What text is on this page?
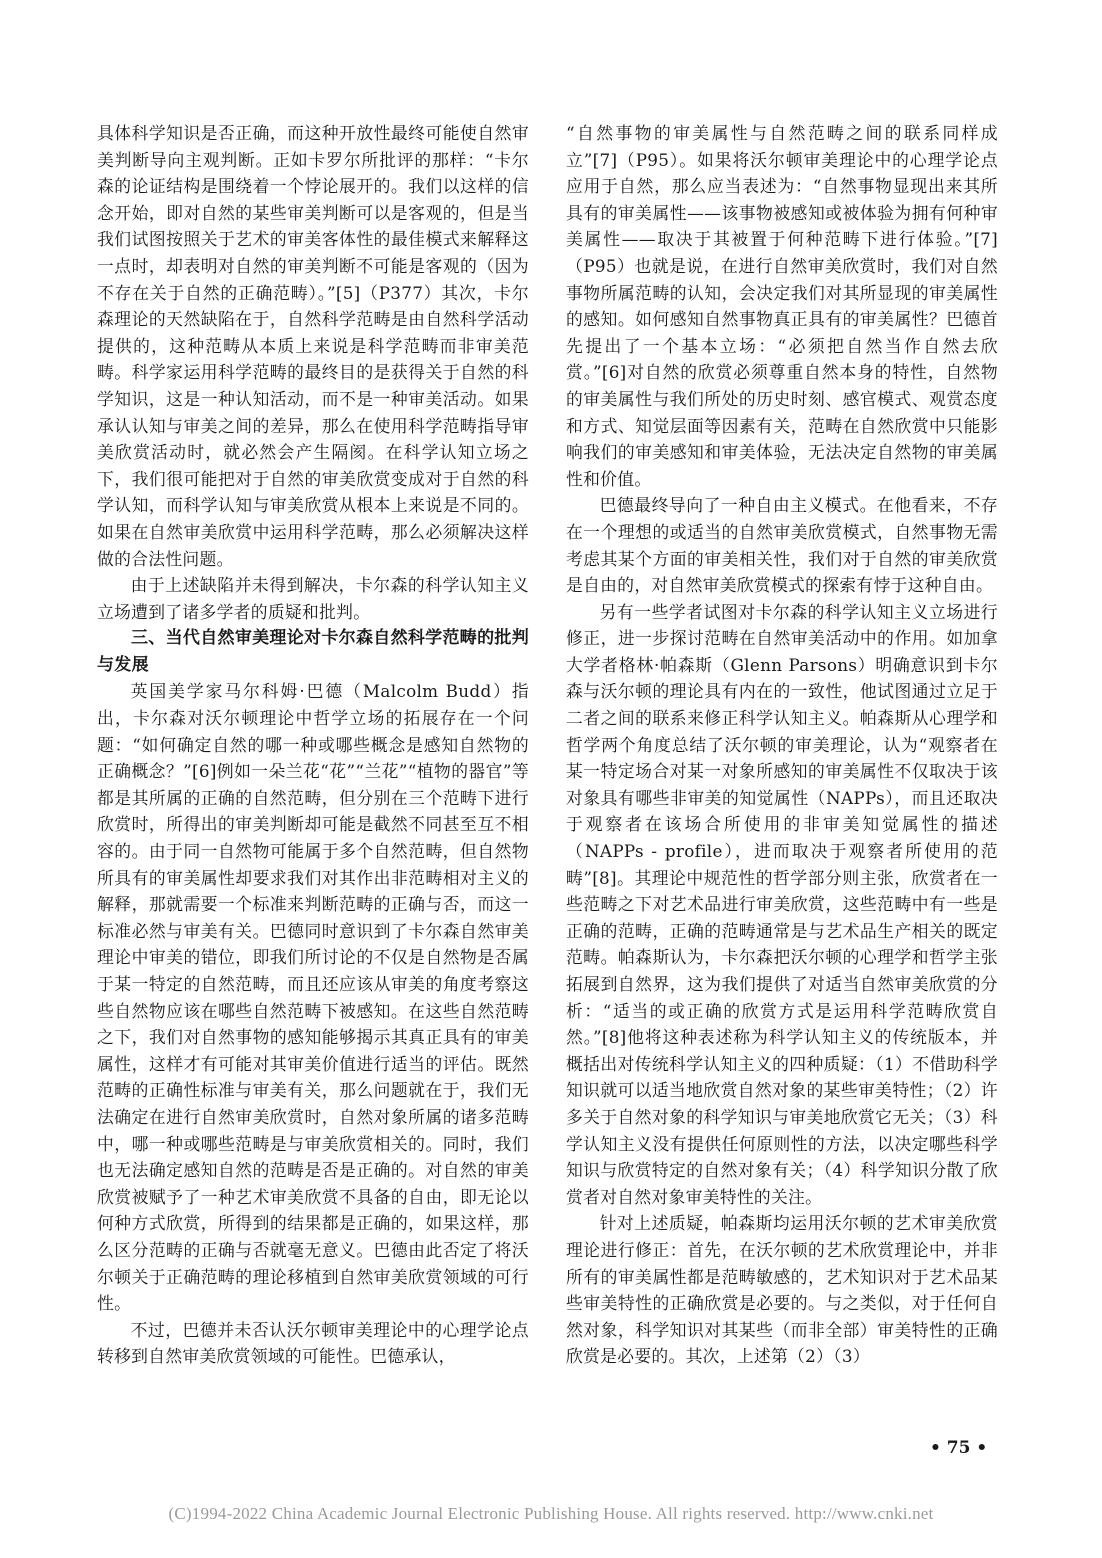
具体科学知识是否正确，而这种开放性最终可能使自然审美判断导向主观判断。正如卡罗尔所批评的那样：“卡尔森的论证结构是围绕着一个悖论展开的。我们以这样的信念开始，即对自然的某些审美判断可以是客观的，但是当我们试图按照关于艺术的审美客体性的最佳模式来解释这一点时，却表明对自然的审美判断不可能是客观的（因为不存在关于自然的正确范畴）。”[5]（P377）其次，卡尔森理论的天然缺陷在于，自然科学范畴是由自然科学活动提供的，这种范畴从本质上来说是科学范畴而非审美范畴。科学家运用科学范畴的最终目的是获得关于自然的科学知识，这是一种认知活动，而不是一种审美活动。如果承认认知与审美之间的差异，那么在使用科学范畴指导审美欣赏活动时，就必然会产生隔阂。在科学认知立场之下，我们很可能把对于自然的审美欣赏变成对于自然的科学认知，而科学认知与审美欣赏从根本上来说是不同的。如果在自然审美欣赏中运用科学范畴，那么必须解决这样做的合法性问题。

由于上述缺陷并未得到解决，卡尔森的科学认知主义立场遭到了诸多学者的质疑和批判。

三、当代自然审美理论对卡尔森自然科学范畴的批判与发展

英国美学家马尔科姆·巴德（Malcolm Budd）指出，卡尔森对沃尔顿理论中哲学立场的拓展存在一个问题：“如何确定自然的哪一种或哪些概念是感知自然物的正确概念？”[6]例如一朵兰花“花”“兰花”“植物的器官”等都是其所属的正确的自然范畴，但分别在三个范畴下进行欣赏时，所得出的审美判断却可能是截然不同甚至互不相容的。由于同一自然物可能属于多个自然范畴，但自然物所具有的审美属性却要求我们对其作出非范畴相对主义的解释，那就需要一个标准来判断范畴的正确与否，而这一标准必然与审美有关。巴德同时意识到了卡尔森自然审美理论中审美的错位，即我们所讨论的不仅是自然物是否属于某一特定的自然范畴，而且还应该从审美的角度考察这些自然物应该在哪些自然范畴下被感知。在这些自然范畴之下，我们对自然事物的感知能够揭示其真正具有的审美属性，这样才有可能对其审美价值进行适当的评估。既然范畴的正确性标准与审美有关，那么问题就在于，我们无法确定在进行自然审美欣赏时，自然对象所属的诸多范畴中，哪一种或哪些范畴是与审美欣赏相关的。同时，我们也无法确定感知自然的范畴是否是正确的。对自然的审美欣赏被赋予了一种艺术审美欣赏不具备的自由，即无论以何种方式欣赏，所得到的结果都是正确的，如果这样，那么区分范畴的正确与否就毫无意义。巴德由此否定了将沃尔顿关于正确范畴的理论移植到自然审美欣赏领域的可行性。

不过，巴德并未否认沃尔顿审美理论中的心理学论点转移到自然审美欣赏领域的可能性。巴德承认，

“自然事物的审美属性与自然范畴之间的联系同样成立”[7]（P95）。如果将沃尔顿审美理论中的心理学论点应用于自然，那么应当表述为：“自然事物显现出来其所具有的审美属性——该事物被感知或被体验为拥有何种审美属性——取决于其被置于何种范畴下进行体验。”[7]（P95）也就是说，在进行自然审美欣赏时，我们对自然事物所属范畴的认知，会决定我们对其所显现的审美属性的感知。如何感知自然事物真正具有的审美属性？巴德首先提出了一个基本立场：“必须把自然当作自然去欣赏。”[6]对自然的欣赏必须尊重自然本身的特性，自然物的审美属性与我们所处的历史时刻、感官模式、观赏态度和方式、知觉层面等因素有关，范畴在自然欣赏中只能影响我们的审美感知和审美体验，无法决定自然物的审美属性和价值。

巴德最终导向了一种自由主义模式。在他看来，不存在一个理想的或适当的自然审美欣赏模式，自然事物无需考虑其某个方面的审美相关性，我们对于自然的审美欣赏是自由的，对自然审美欣赏模式的探索有悖于这种自由。

另有一些学者试图对卡尔森的科学认知主义立场进行修正，进一步探讨范畴在自然审美活动中的作用。如加拿大学者格林·帕森斯（Glenn Parsons）明确意识到卡尔森与沃尔顿的理论具有内在的一致性，他试图通过立足于二者之间的联系来修正科学认知主义。帕森斯从心理学和哲学两个角度总结了沃尔顿的审美理论，认为“观察者在某一特定场合对某一对象所感知的审美属性不仅取决于该对象具有哪些非审美的知觉属性（NAPPs），而且还取决于观察者在该场合所使用的非审美知觉属性的描述（NAPPs - profile），进而取决于观察者所使用的范畴”[8]。其理论中规范性的哲学部分则主张，欣赏者在一些范畴之下对艺术品进行审美欣赏，这些范畴中有一些是正确的范畴，正确的范畴通常是与艺术品生产相关的既定范畴。帕森斯认为，卡尔森把沃尔顿的心理学和哲学主张拓展到自然界，这为我们提供了对适当自然审美欣赏的分析：“适当的或正确的欣赏方式是运用科学范畴欣赏自然。”[8]他将这种表述称为科学认知主义的传统版本，并概括出对传统科学认知主义的四种质疑：（1）不借助科学知识就可以适当地欣赏自然对象的某些审美特性；（2）许多关于自然对象的科学知识与审美地欣赏它无关；（3）科学认知主义没有提供任何原则性的方法，以决定哪些科学知识与欣赏特定的自然对象有关；（4）科学知识分散了欣赏者对自然对象审美特性的关注。

针对上述质疑，帕森斯均运用沃尔顿的艺术审美欣赏理论进行修正：首先，在沃尔顿的艺术欣赏理论中，并非所有的审美属性都是范畴敏感的，艺术知识对于艺术品某些审美特性的正确欣赏是必要的。与之类似，对于任何自然对象，科学知识对其某些（而非全部）审美特性的正确欣赏是必要的。其次，上述第（2）（3）

• 75 •
(C)1994-2022 China Academic Journal Electronic Publishing House. All rights reserved. http://www.cnki.net
